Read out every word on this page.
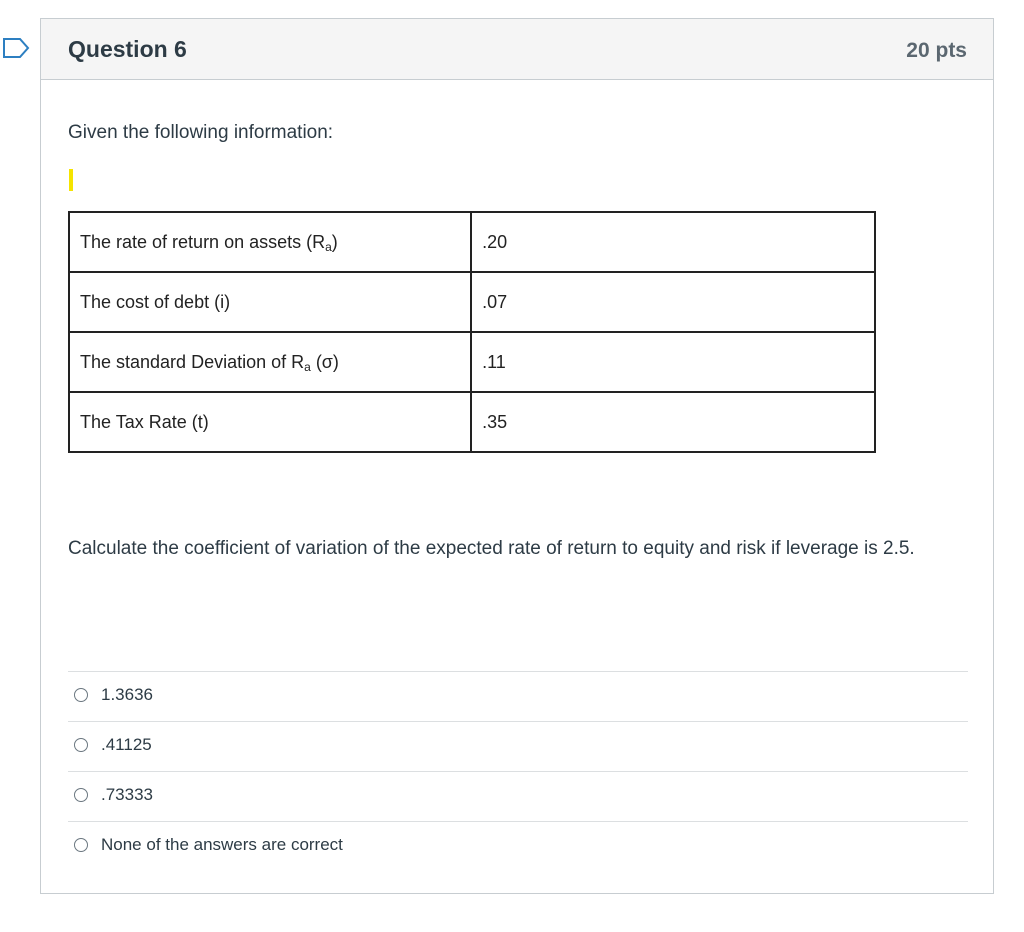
Question 6	20 pts
Given the following information:
The rate of return on assets $(R_a)$	.20
The cost of debt (i)	.07
The standard Deviation of $R_a$ (σ)	.11
The Tax Rate (t)	.35
Calculate the coefficient of variation of the expected rate of return to equity and risk if leverage is 2.5.
1.3636
.41125
.73333
None of the answers are correct
